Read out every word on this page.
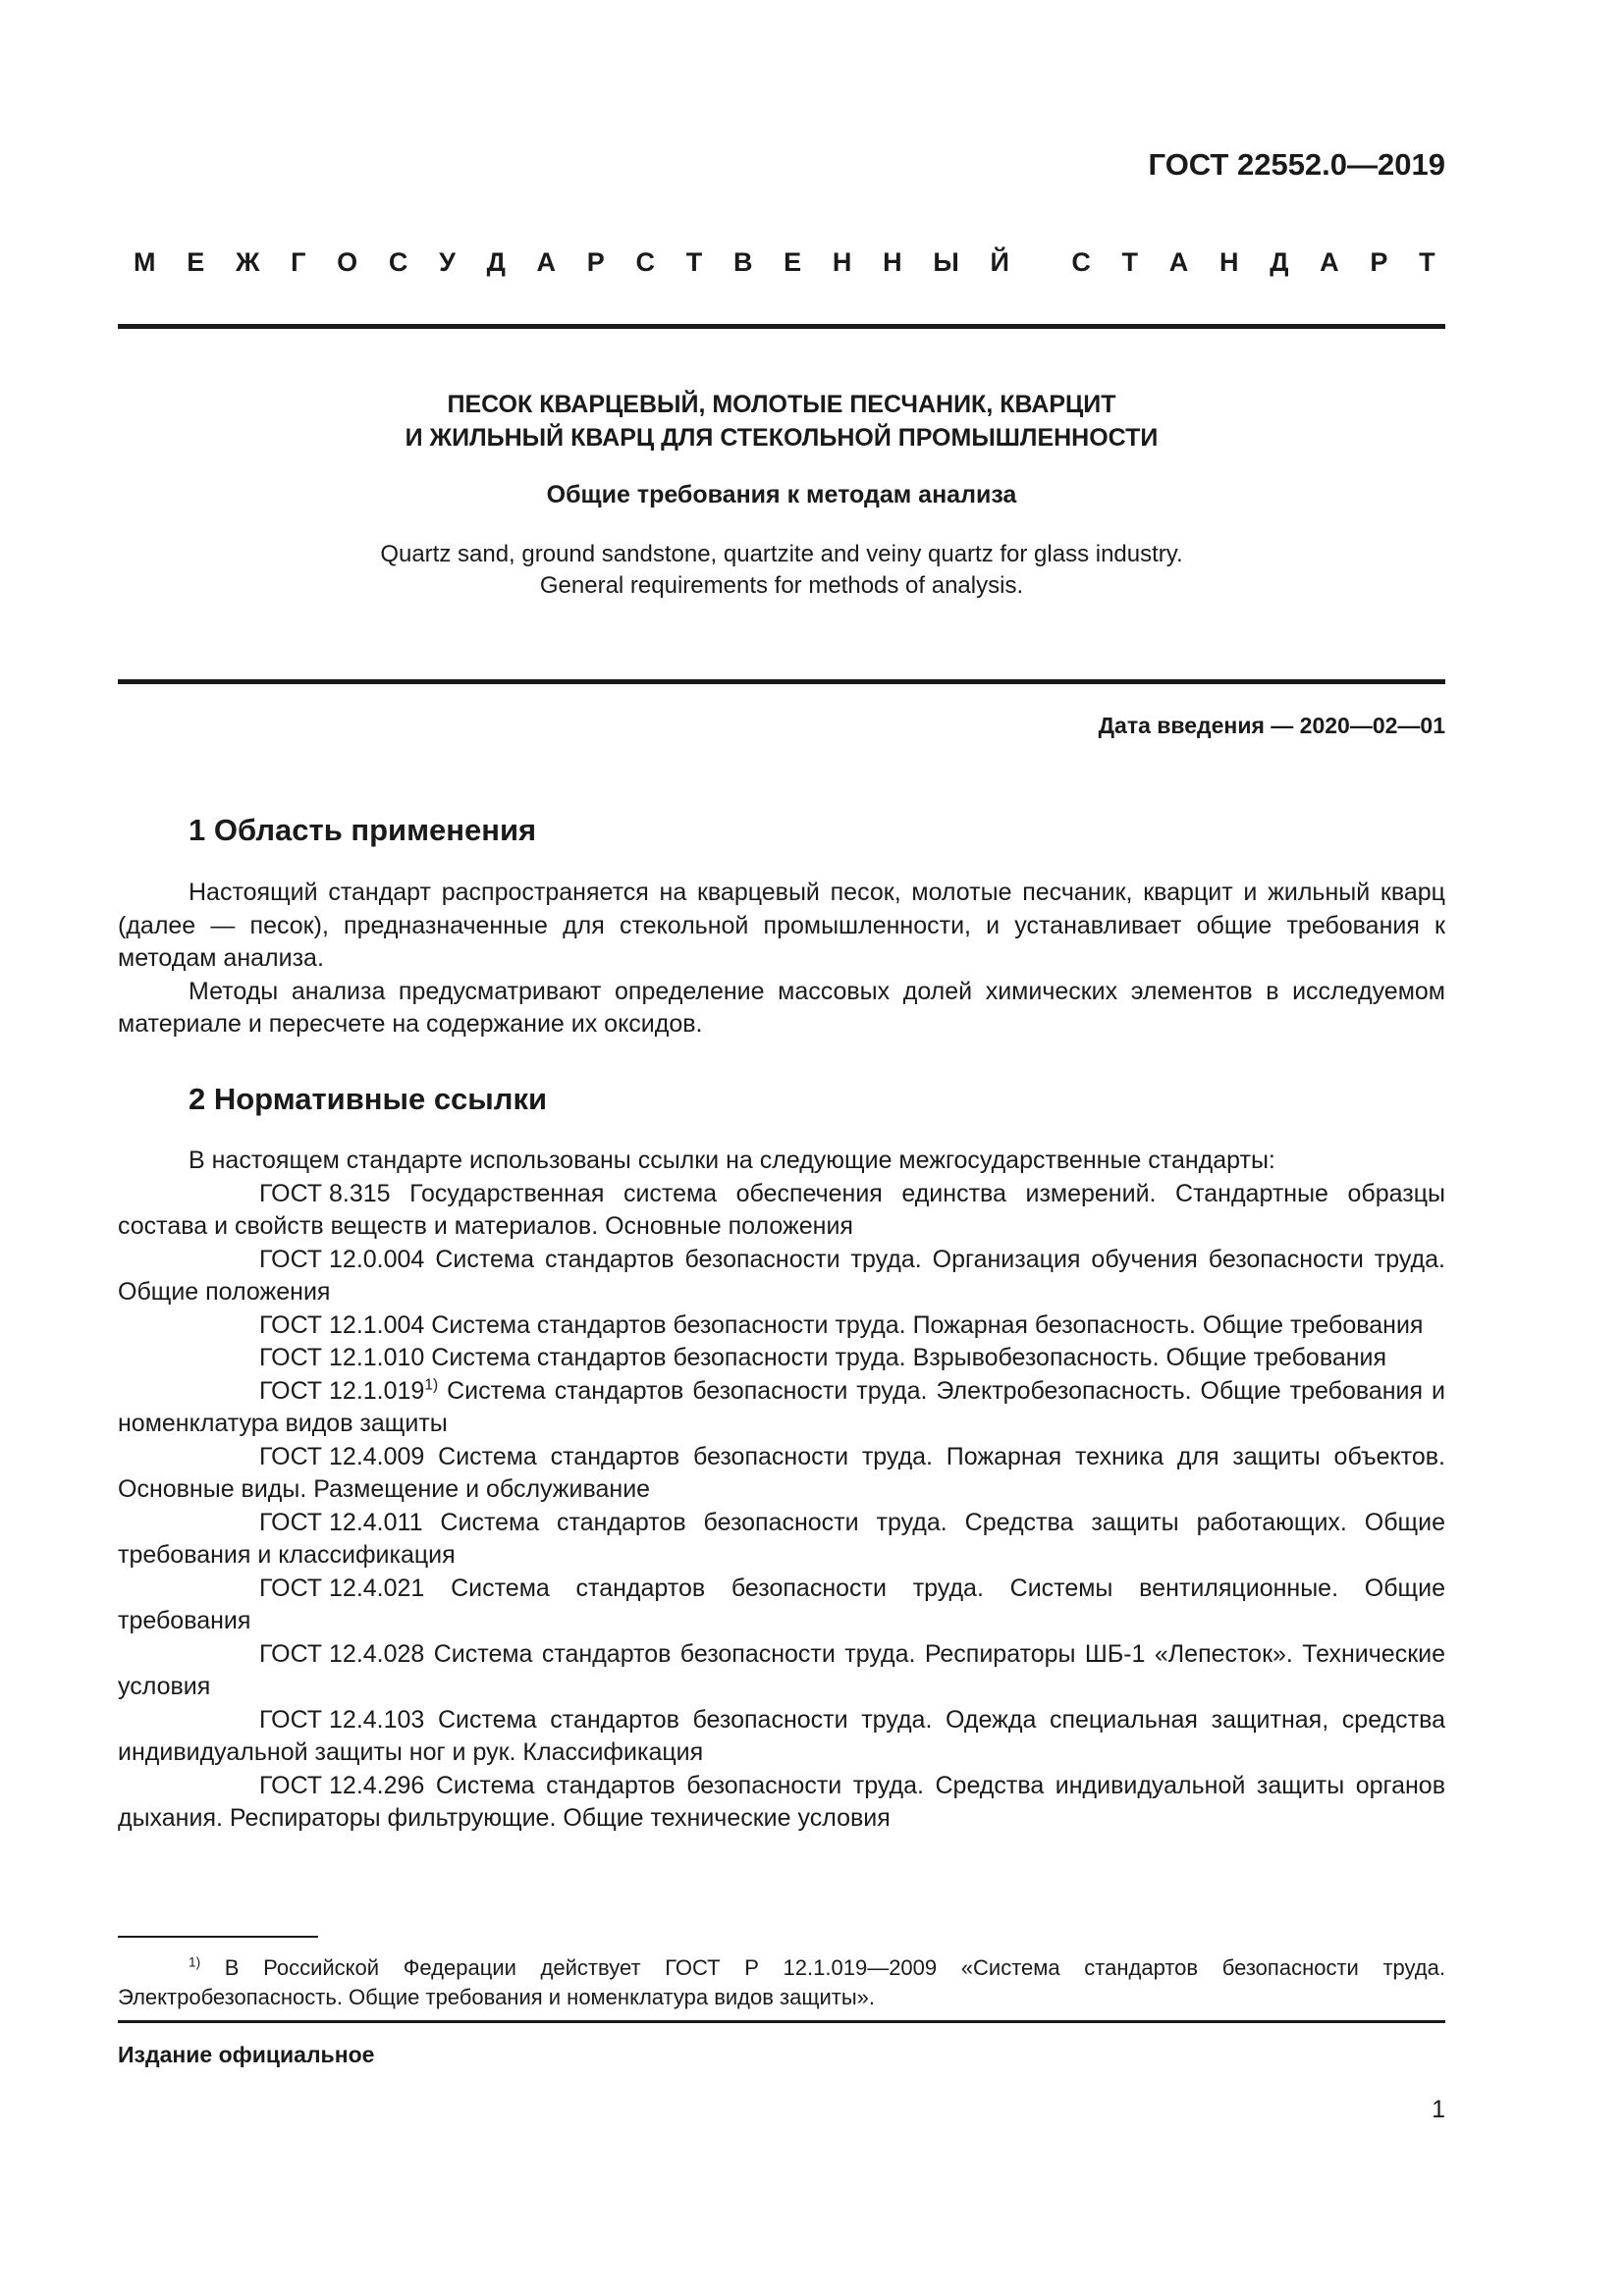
ГОСТ 22552.0—2019
М Е Ж Г О С У Д А Р С Т В Е Н Н Ы Й С Т А Н Д А Р Т
ПЕСОК КВАРЦЕВЫЙ, МОЛОТЫЕ ПЕСЧАНИК, КВАРЦИТ
И ЖИЛЬНЫЙ КВАРЦ ДЛЯ СТЕКОЛЬНОЙ ПРОМЫШЛЕННОСТИ
Общие требования к методам анализа
Quartz sand, ground sandstone, quartzite and veiny quartz for glass industry.
General requirements for methods of analysis.
Дата введения — 2020—02—01
1 Область применения

Настоящий стандарт распространяется на кварцевый песок, молотые песчаник, кварцит и жильный кварц (далее — песок), предназначенные для стекольной промышленности, и устанавливает общие требования к методам анализа.

Методы анализа предусматривают определение массовых долей химических элементов в исследуемом материале и пересчете на содержание их оксидов.

2 Нормативные ссылки

В настоящем стандарте использованы ссылки на следующие межгосударственные стандарты:

ГОСТ 8.315 Государственная система обеспечения единства измерений. Стандартные образцы состава и свойств веществ и материалов. Основные положения

ГОСТ 12.0.004 Система стандартов безопасности труда. Организация обучения безопасности труда. Общие положения

ГОСТ 12.1.004 Система стандартов безопасности труда. Пожарная безопасность. Общие требования

ГОСТ 12.1.010 Система стандартов безопасности труда. Взрывобезопасность. Общие требования

ГОСТ 12.1.019$^{1)}$ Система стандартов безопасности труда. Электробезопасность. Общие требования и номенклатура видов защиты

ГОСТ 12.4.009 Система стандартов безопасности труда. Пожарная техника для защиты объектов. Основные виды. Размещение и обслуживание

ГОСТ 12.4.011 Система стандартов безопасности труда. Средства защиты работающих. Общие требования и классификация

ГОСТ 12.4.021 Система стандартов безопасности труда. Системы вентиляционные. Общие требования

ГОСТ 12.4.028 Система стандартов безопасности труда. Респираторы ШБ-1 «Лепесток». Технические условия

ГОСТ 12.4.103 Система стандартов безопасности труда. Одежда специальная защитная, средства индивидуальной защиты ног и рук. Классификация

ГОСТ 12.4.296 Система стандартов безопасности труда. Средства индивидуальной защиты органов дыхания. Респираторы фильтрующие. Общие технические условия

$^{1)}$ В Российской Федерации действует ГОСТ Р 12.1.019—2009 «Система стандартов безопасности труда. Электробезопасность. Общие требования и номенклатура видов защиты».

Издание официальное
1
